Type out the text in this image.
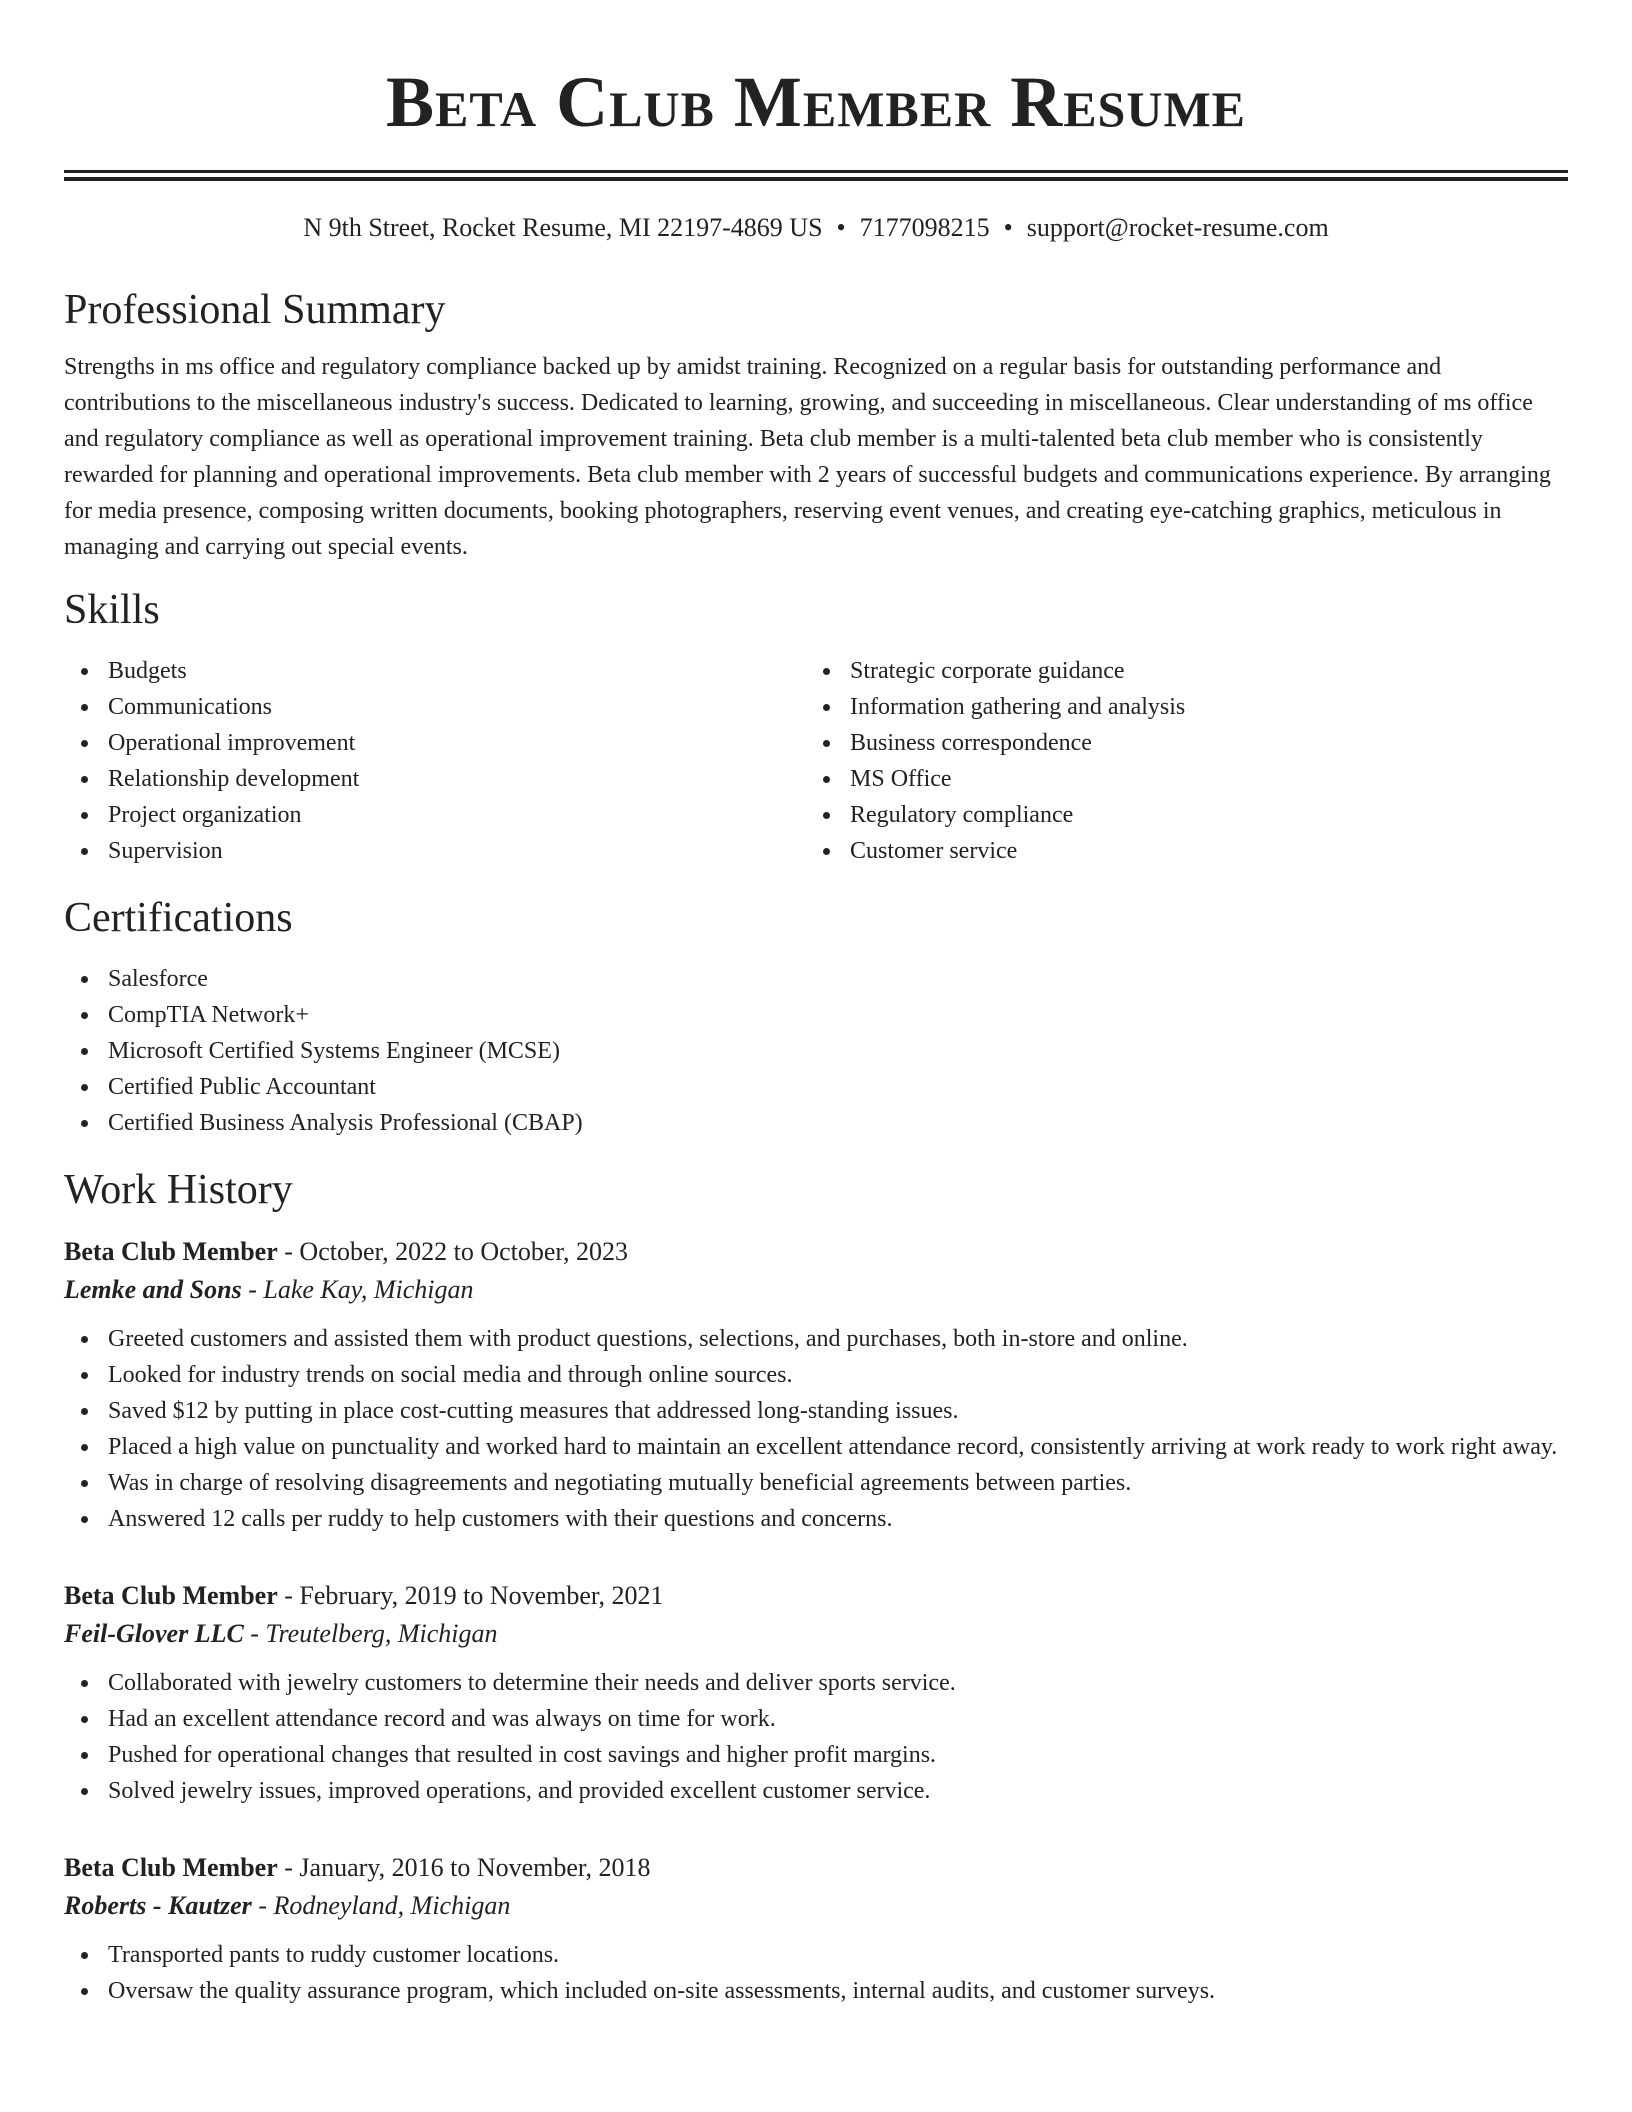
Beta Club Member Resume
N 9th Street, Rocket Resume, MI 22197-4869 US • 7177098215 • support@rocket-resume.com
Professional Summary

Strengths in ms office and regulatory compliance backed up by amidst training. Recognized on a regular basis for outstanding performance and contributions to the miscellaneous industry's success. Dedicated to learning, growing, and succeeding in miscellaneous. Clear understanding of ms office and regulatory compliance as well as operational improvement training. Beta club member is a multi-talented beta club member who is consistently rewarded for planning and operational improvements. Beta club member with 2 years of successful budgets and communications experience. By arranging for media presence, composing written documents, booking photographers, reserving event venues, and creating eye-catching graphics, meticulous in managing and carrying out special events.

Skills
Budgets
Communications
Operational improvement
Relationship development
Project organization
Supervision
Strategic corporate guidance
Information gathering and analysis
Business correspondence
MS Office
Regulatory compliance
Customer service
Certifications
Salesforce
CompTIA Network+
Microsoft Certified Systems Engineer (MCSE)
Certified Public Accountant
Certified Business Analysis Professional (CBAP)
Work History
Beta Club Member - October, 2022 to October, 2023
Lemke and Sons - Lake Kay, Michigan
Greeted customers and assisted them with product questions, selections, and purchases, both in-store and online.
Looked for industry trends on social media and through online sources.
Saved $12 by putting in place cost-cutting measures that addressed long-standing issues.
Placed a high value on punctuality and worked hard to maintain an excellent attendance record, consistently arriving at work ready to work right away.
Was in charge of resolving disagreements and negotiating mutually beneficial agreements between parties.
Answered 12 calls per ruddy to help customers with their questions and concerns.
Beta Club Member - February, 2019 to November, 2021
Feil-Glover LLC - Treutelberg, Michigan
Collaborated with jewelry customers to determine their needs and deliver sports service.
Had an excellent attendance record and was always on time for work.
Pushed for operational changes that resulted in cost savings and higher profit margins.
Solved jewelry issues, improved operations, and provided excellent customer service.
Beta Club Member - January, 2016 to November, 2018
Roberts - Kautzer - Rodneyland, Michigan
Transported pants to ruddy customer locations.
Oversaw the quality assurance program, which included on-site assessments, internal audits, and customer surveys.
